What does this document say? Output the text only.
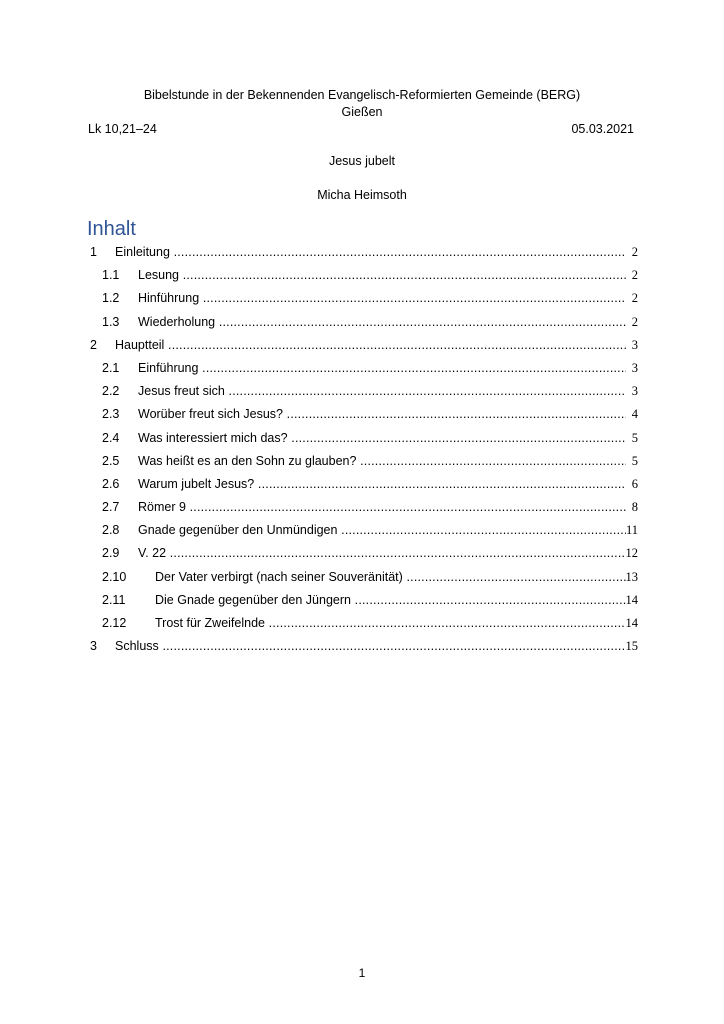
Bibelstunde in der Bekennenden Evangelisch-Reformierten Gemeinde (BERG)
Gießen
Lk 10,21–24	05.03.2021
Jesus jubelt
Micha Heimsoth
Inhalt
1 Einleitung .....	2
1.1 Lesung .....	2
1.2 Hinführung .....	2
1.3 Wiederholung .....	2
2 Hauptteil .....	3
2.1 Einführung .....	3
2.2 Jesus freut sich .....	3
2.3 Worüber freut sich Jesus? .....	4
2.4 Was interessiert mich das? .....	5
2.5 Was heißt es an den Sohn zu glauben? .....	5
2.6 Warum jubelt Jesus? .....	6
2.7 Römer 9 .....	8
2.8 Gnade gegenüber den Unmündigen .....	11
2.9 V. 22 .....	12
2.10 Der Vater verbirgt (nach seiner Souveränität) .....	13
2.11 Die Gnade gegenüber den Jüngern .....	14
2.12 Trost für Zweifelnde .....	14
3 Schluss .....	15
1
